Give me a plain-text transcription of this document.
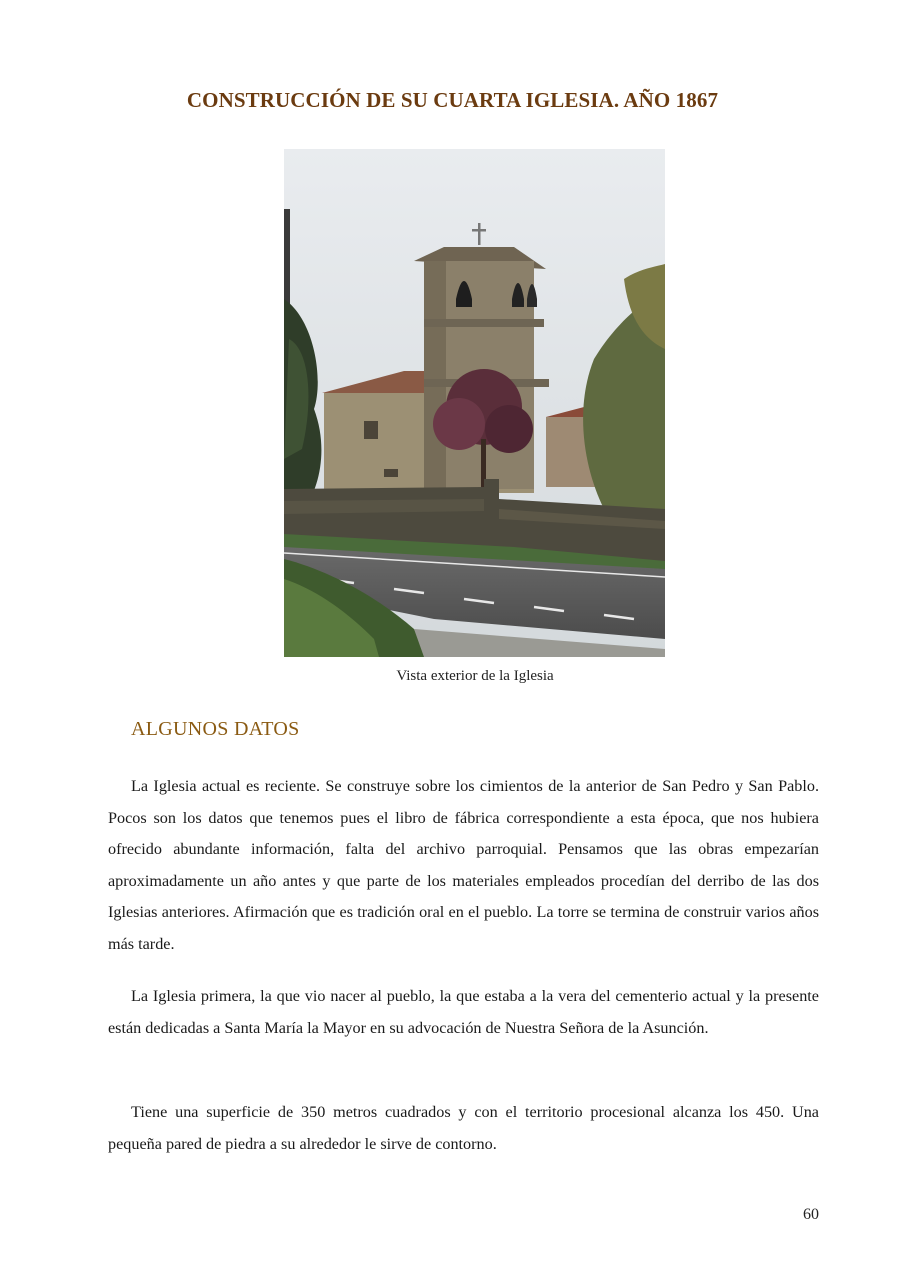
CONSTRUCCIÓN DE SU CUARTA IGLESIA. AÑO 1867
Vista exterior de la Iglesia
ALGUNOS DATOS

La Iglesia actual es reciente. Se construye sobre los cimientos de la anterior de San Pedro y San Pablo. Pocos son los datos que tenemos pues el libro de fábrica correspondiente a esta época, que nos hubiera ofrecido abundante información, falta del archivo parroquial. Pensamos que las obras empezarían aproximadamente un año antes y que parte de los materiales empleados procedían del derribo de las dos Iglesias anteriores. Afirmación que es tradición oral en el pueblo. La torre se termina de construir varios años más tarde.

La Iglesia primera, la que vio nacer al pueblo, la que estaba a la vera del cementerio actual y la presente están dedicadas a Santa María la Mayor en su advocación de Nuestra Señora de la Asunción.

Tiene una superficie de 350 metros cuadrados y con el territorio procesional alcanza los 450. Una pequeña pared de piedra a su alrededor le sirve de contorno.

60
